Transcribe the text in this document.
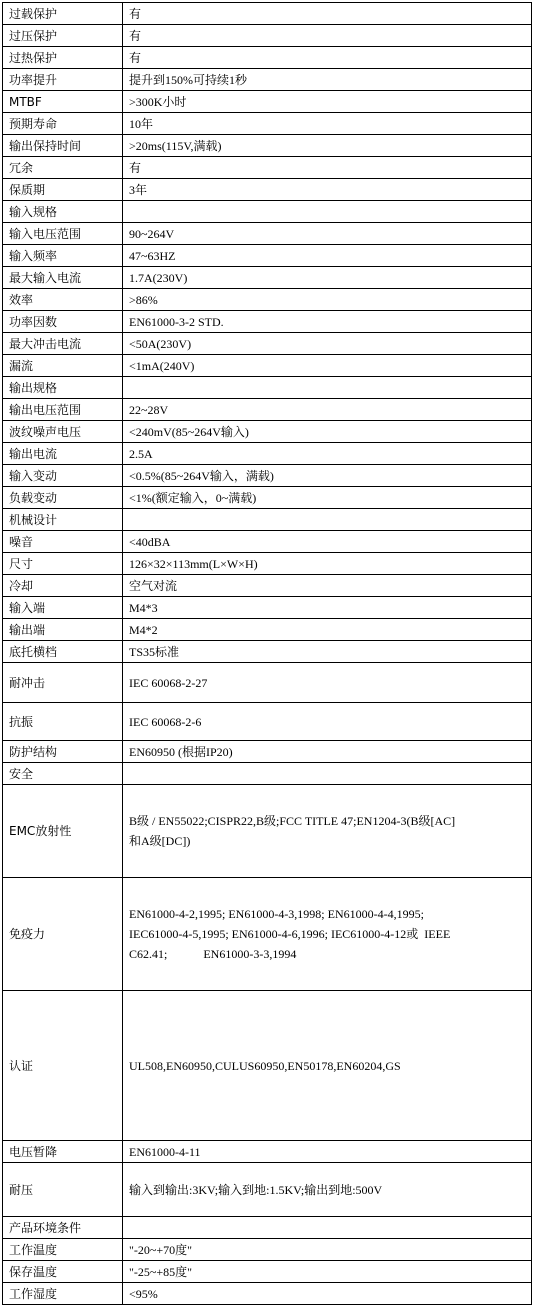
过载保护	有
过压保护	有
过热保护	有
功率提升	提升到150%可持续1秒
MTBF	>300K小时
预期寿命	10年
输出保持时间	>20ms(115V,满载)
冗余	有
保质期	3年
输入规格	
输入电压范围	90~264V
输入频率	47~63HZ
最大输入电流	1.7A(230V)
效率	>86%
功率因数	EN61000-3-2 STD.
最大冲击电流	<50A(230V)
漏流	<1mA(240V)
输出规格	
输出电压范围	22~28V
波纹噪声电压	<240mV(85~264V输入)
输出电流	2.5A
输入变动	<0.5%(85~264V输入，满载)
负载变动	<1%(额定输入，0~满载)
机械设计	
噪音	<40dBA
尺寸	126×32×113mm(L×W×H)
冷却	空气对流
输入端	M4*3
输出端	M4*2
底托横档	TS35标准
耐冲击	IEC 60068-2-27
抗振	IEC 60068-2-6
防护结构	EN60950 (根据IP20)
安全	
EMC放射性	B级 / EN55022;CISPR22,B级;FCC TITLE 47;EN1204-3(B级[AC]
和A级[DC])
免疫力	EN61000-4-2,1995; EN61000-4-3,1998; EN61000-4-4,1995;
IEC61000-4-5,1995; EN61000-4-6,1996; IEC61000-4-12或  IEEE
C62.41;            EN61000-3-3,1994
认证	UL508,EN60950,CULUS60950,EN50178,EN60204,GS
电压暂降	EN61000-4-11
耐压	输入到输出:3KV;输入到地:1.5KV;输出到地:500V
产品环境条件	
工作温度	"-20~+70度"
保存温度	"-25~+85度"
工作湿度	<95%
